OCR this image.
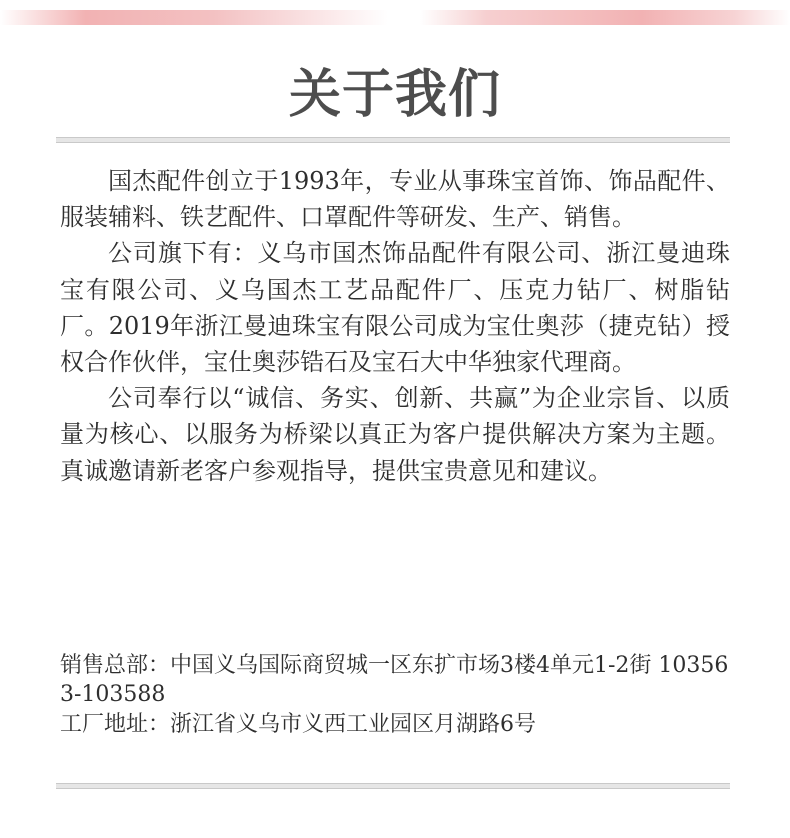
关于我们

国杰配件创立于1993年，专业从事珠宝首饰、饰品配件、服装辅料、铁艺配件、口罩配件等研发、生产、销售。

公司旗下有：义乌市国杰饰品配件有限公司、浙江曼迪珠宝有限公司、义乌国杰工艺品配件厂、压克力钻厂、树脂钻厂。2019年浙江曼迪珠宝有限公司成为宝仕奥莎（捷克钻）授权合作伙伴，宝仕奥莎锆石及宝石大中华独家代理商。

公司奉行以“诚信、务实、创新、共赢”为企业宗旨、以质量为核心、以服务为桥梁以真正为客户提供解决方案为主题。真诚邀请新老客户参观指导，提供宝贵意见和建议。

销售总部：中国义乌国际商贸城一区东扩市场3楼4单元1-2街 103563-103588

工厂地址：浙江省义乌市义西工业园区月湖路6号
